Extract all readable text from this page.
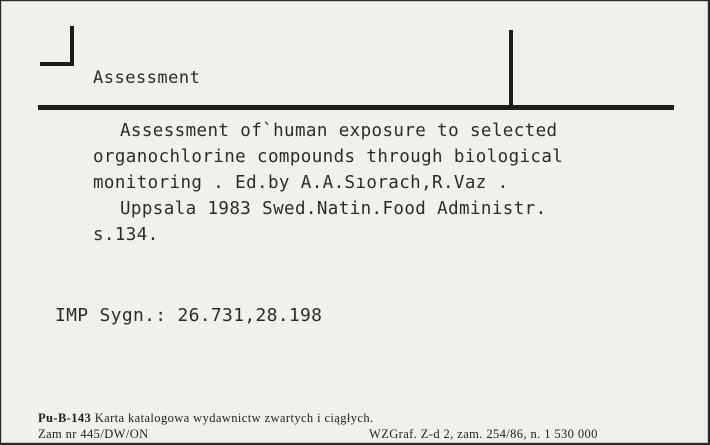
Assessment
Assessment of`human exposure to selected
organochlorine compounds through biological
monitoring . Ed.by A.A.Sıorach,R.Vaz .
Uppsala 1983 Swed.Natin.Food Administr.
s.134.
IMP Sygn.: 26.731,28.198
Pu-B-143 Karta katalogowa wydawnictw zwartych i ciągłych.
Zam nr 445/DW/ON	WZGraf. Z-d 2, zam. 254/86, n. 1 530 000
